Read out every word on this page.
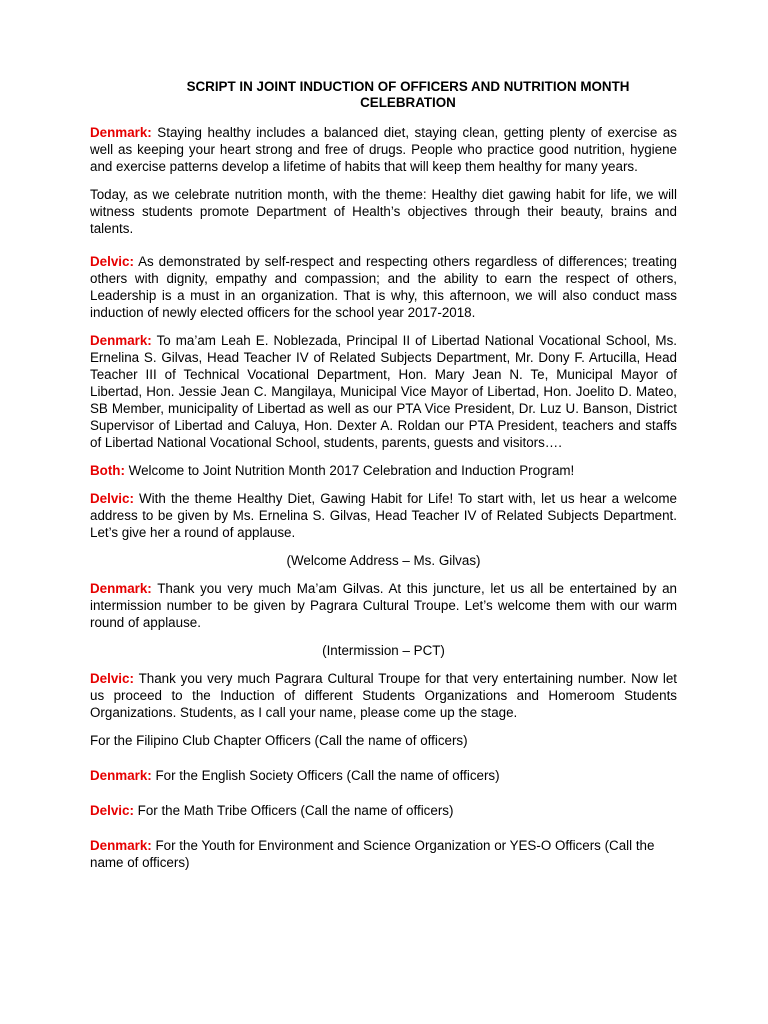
SCRIPT IN JOINT INDUCTION OF OFFICERS AND NUTRITION MONTH
CELEBRATION

Denmark: Staying healthy includes a balanced diet, staying clean, getting plenty of exercise as well as keeping your heart strong and free of drugs. People who practice good nutrition, hygiene and exercise patterns develop a lifetime of habits that will keep them healthy for many years.

Today, as we celebrate nutrition month, with the theme: Healthy diet gawing habit for life, we will witness students promote Department of Health’s objectives through their beauty, brains and talents.

Delvic: As demonstrated by self-respect and respecting others regardless of differences; treating others with dignity, empathy and compassion; and the ability to earn the respect of others, Leadership is a must in an organization. That is why, this afternoon, we will also conduct mass induction of newly elected officers for the school year 2017-2018.

Denmark: To ma’am Leah E. Noblezada, Principal II of Libertad National Vocational School, Ms. Ernelina S. Gilvas, Head Teacher IV of Related Subjects Department, Mr. Dony F. Artucilla, Head Teacher III of Technical Vocational Department, Hon. Mary Jean N. Te, Municipal Mayor of Libertad, Hon. Jessie Jean C. Mangilaya, Municipal Vice Mayor of Libertad, Hon. Joelito D. Mateo, SB Member, municipality of Libertad as well as our PTA Vice President, Dr. Luz U. Banson, District Supervisor of Libertad and Caluya, Hon. Dexter A. Roldan our PTA President, teachers and staffs of Libertad National Vocational School, students, parents, guests and visitors….

Both: Welcome to Joint Nutrition Month 2017 Celebration and Induction Program!

Delvic: With the theme Healthy Diet, Gawing Habit for Life! To start with, let us hear a welcome address to be given by Ms. Ernelina S. Gilvas, Head Teacher IV of Related Subjects Department. Let’s give her a round of applause.

(Welcome Address – Ms. Gilvas)

Denmark: Thank you very much Ma’am Gilvas. At this juncture, let us all be entertained by an intermission number to be given by Pagrara Cultural Troupe. Let’s welcome them with our warm round of applause.

(Intermission – PCT)

Delvic: Thank you very much Pagrara Cultural Troupe for that very entertaining number. Now let us proceed to the Induction of different Students Organizations and Homeroom Students Organizations. Students, as I call your name, please come up the stage.

For the Filipino Club Chapter Officers (Call the name of officers)

Denmark: For the English Society Officers (Call the name of officers)

Delvic: For the Math Tribe Officers (Call the name of officers)

Denmark: For the Youth for Environment and Science Organization or YES-O Officers (Call the name of officers)
